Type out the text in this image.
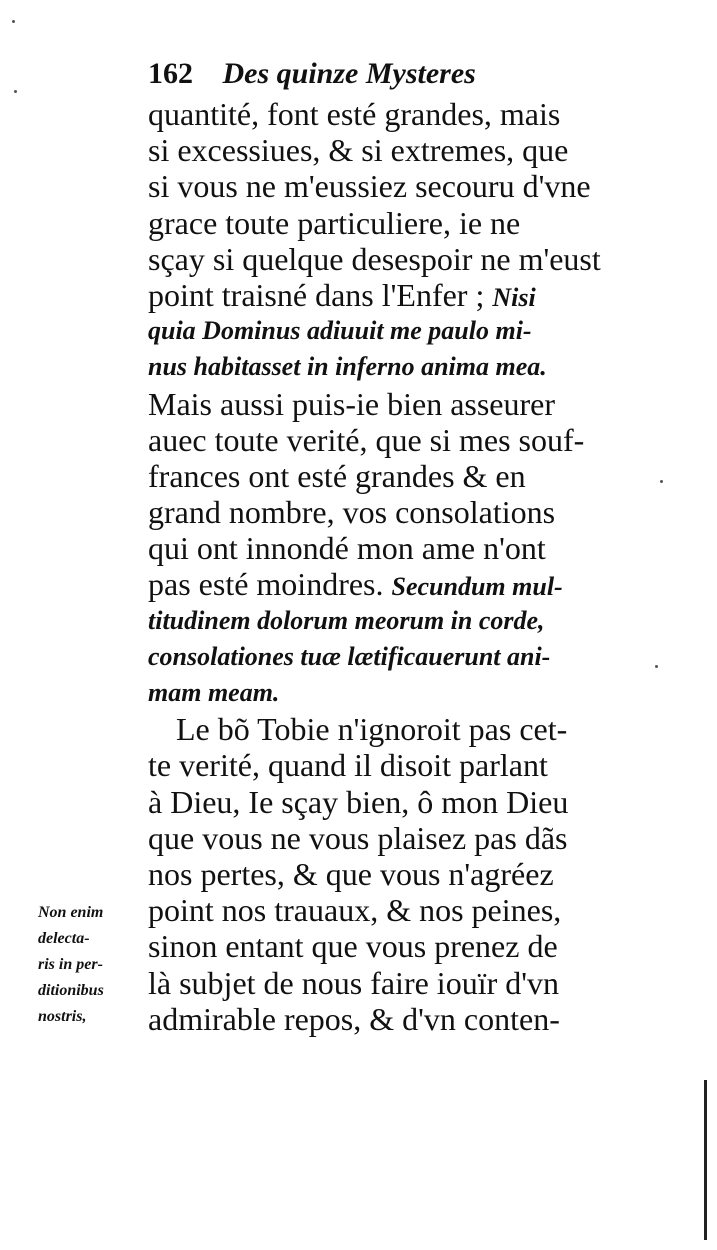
162 Des quinze Mysteres
quantité, font esté grandes, mais
si excessiues, & si extremes, que
si vous ne m'eussiez secouru d'vne
grace toute particuliere, ie ne
sçay si quelque desespoir ne m'eust
point traisné dans l'Enfer ; Nisi
quia Dominus adiuuit me paulo mi-
nus habitasset in inferno anima mea.
Mais aussi puis-ie bien asseurer
auec toute verité, que si mes souf-
frances ont esté grandes & en
grand nombre, vos consolations
qui ont innondé mon ame n'ont
pas esté moindres. Secundum mul-
titudinem dolorum meorum in corde,
consolationes tuæ lætificauerunt ani-
mam meam.
Le bõ Tobie n'ignoroit pas cet-
te verité, quand il disoit parlant
à Dieu, Ie sçay bien, ô mon Dieu
que vous ne vous plaisez pas dãs
nos pertes, & que vous n'agréez
point nos trauaux, & nos peines,
sinon entant que vous prenez de
là subjet de nous faire iouïr d'vn
admirable repos, & d'vn conten-
Non enim
delecta-
ris in per-
ditionibus
nostris,
